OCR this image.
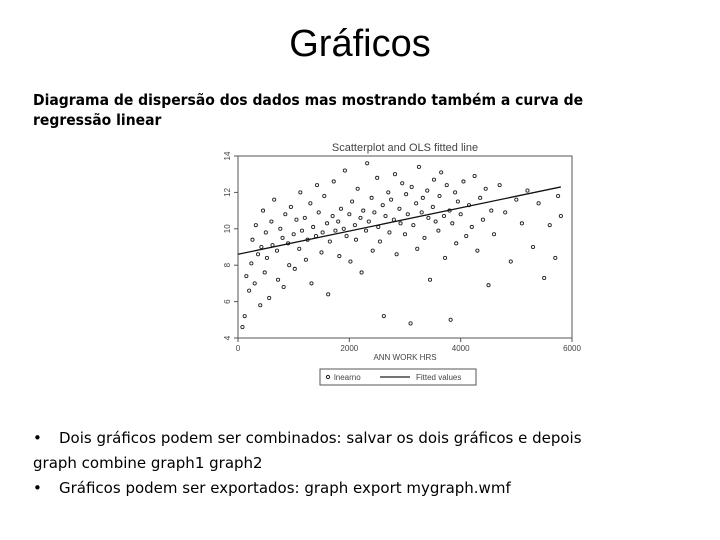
Gráficos
Diagrama de dispersão dos dados mas mostrando também a curva de regressão linear
Scatterplot and OLS fitted line
4
6
8
10
12
14
0	2000	4000	6000
ANN WORK HRS
lnearno	Fitted values
• Dois gráficos podem ser combinados: salvar os dois gráficos e depois
graph combine graph1 graph2
• Gráficos podem ser exportados: graph export mygraph.wmf
